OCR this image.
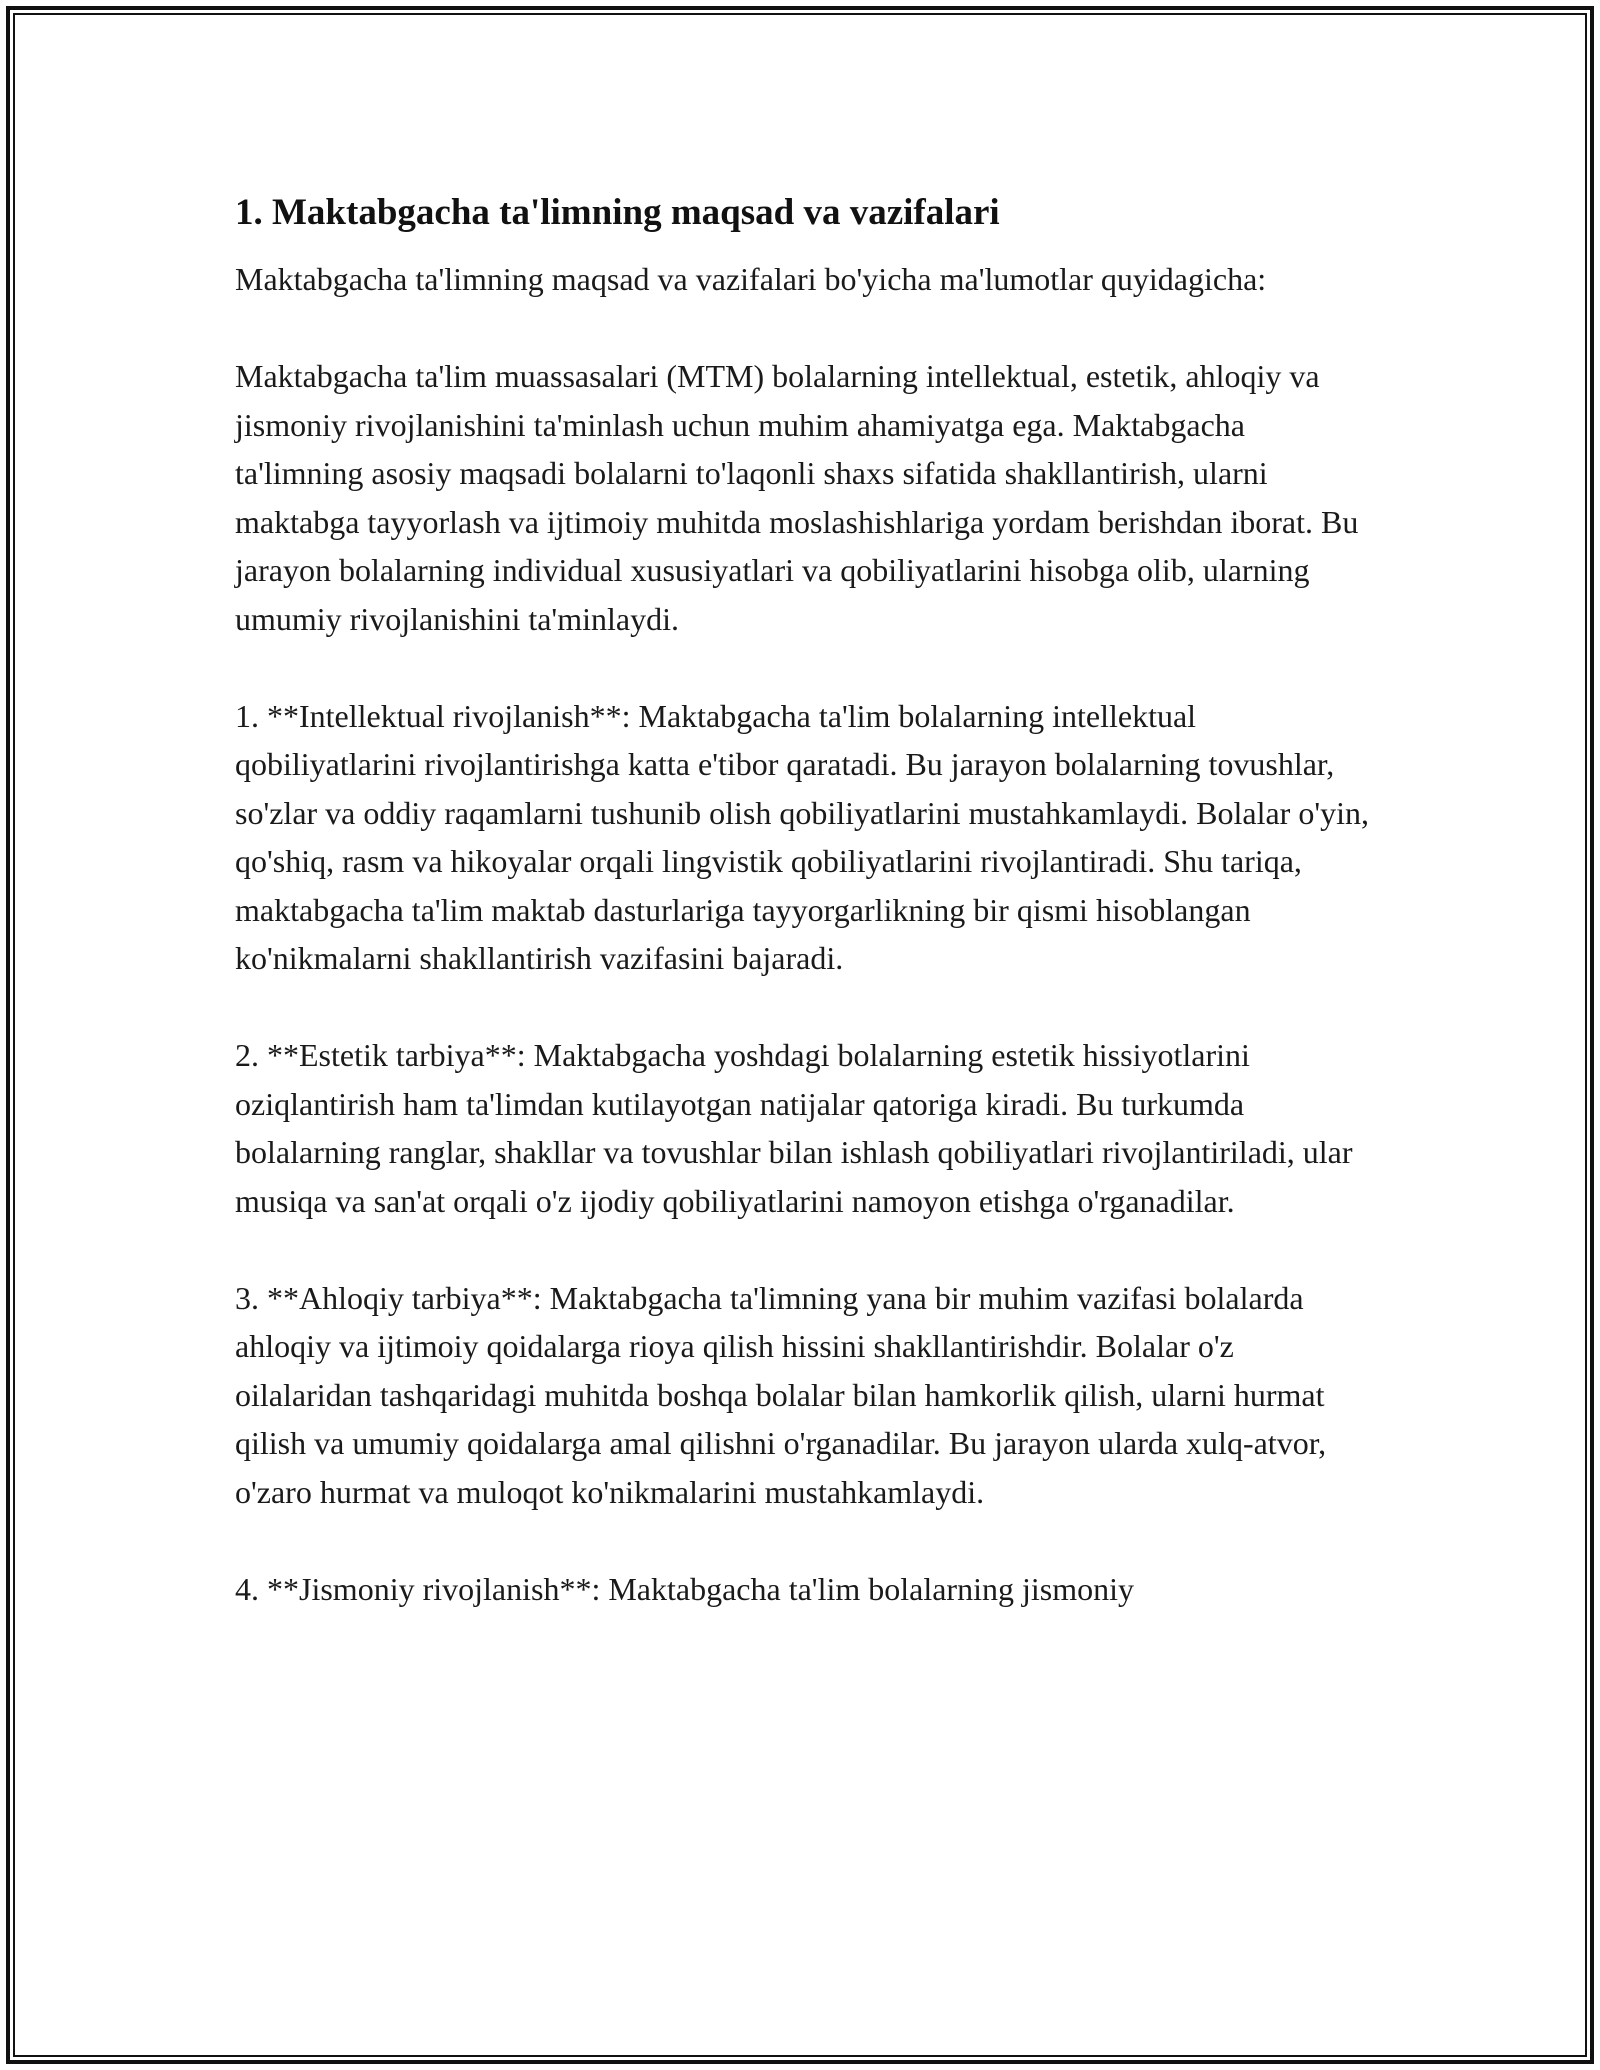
1. Maktabgacha ta'limning maqsad va vazifalari

Maktabgacha ta'limning maqsad va vazifalari bo'yicha ma'lumotlar quyidagicha:

Maktabgacha ta'lim muassasalari (MTM) bolalarning intellektual, estetik, ahloqiy va jismoniy rivojlanishini ta'minlash uchun muhim ahamiyatga ega. Maktabgacha ta'limning asosiy maqsadi bolalarni to'laqonli shaxs sifatida shakllantirish, ularni maktabga tayyorlash va ijtimoiy muhitda moslashishlariga yordam berishdan iborat. Bu jarayon bolalarning individual xususiyatlari va qobiliyatlarini hisobga olib, ularning umumiy rivojlanishini ta'minlaydi.

1. **Intellektual rivojlanish**: Maktabgacha ta'lim bolalarning intellektual qobiliyatlarini rivojlantirishga katta e'tibor qaratadi. Bu jarayon bolalarning tovushlar, so'zlar va oddiy raqamlarni tushunib olish qobiliyatlarini mustahkamlaydi. Bolalar o'yin, qo'shiq, rasm va hikoyalar orqali lingvistik qobiliyatlarini rivojlantiradi. Shu tariqa, maktabgacha ta'lim maktab dasturlariga tayyorgarlikning bir qismi hisoblangan ko'nikmalarni shakllantirish vazifasini bajaradi.

2. **Estetik tarbiya**: Maktabgacha yoshdagi bolalarning estetik hissiyotlarini oziqlantirish ham ta'limdan kutilayotgan natijalar qatoriga kiradi. Bu turkumda bolalarning ranglar, shakllar va tovushlar bilan ishlash qobiliyatlari rivojlantiriladi, ular musiqa va san'at orqali o'z ijodiy qobiliyatlarini namoyon etishga o'rganadilar.

3. **Ahloqiy tarbiya**: Maktabgacha ta'limning yana bir muhim vazifasi bolalarda ahloqiy va ijtimoiy qoidalarga rioya qilish hissini shakllantirishdir. Bolalar o'z oilalaridan tashqaridagi muhitda boshqa bolalar bilan hamkorlik qilish, ularni hurmat qilish va umumiy qoidalarga amal qilishni o'rganadilar. Bu jarayon ularda xulq-atvor, o'zaro hurmat va muloqot ko'nikmalarini mustahkamlaydi.

4. **Jismoniy rivojlanish**: Maktabgacha ta'lim bolalarning jismoniy
